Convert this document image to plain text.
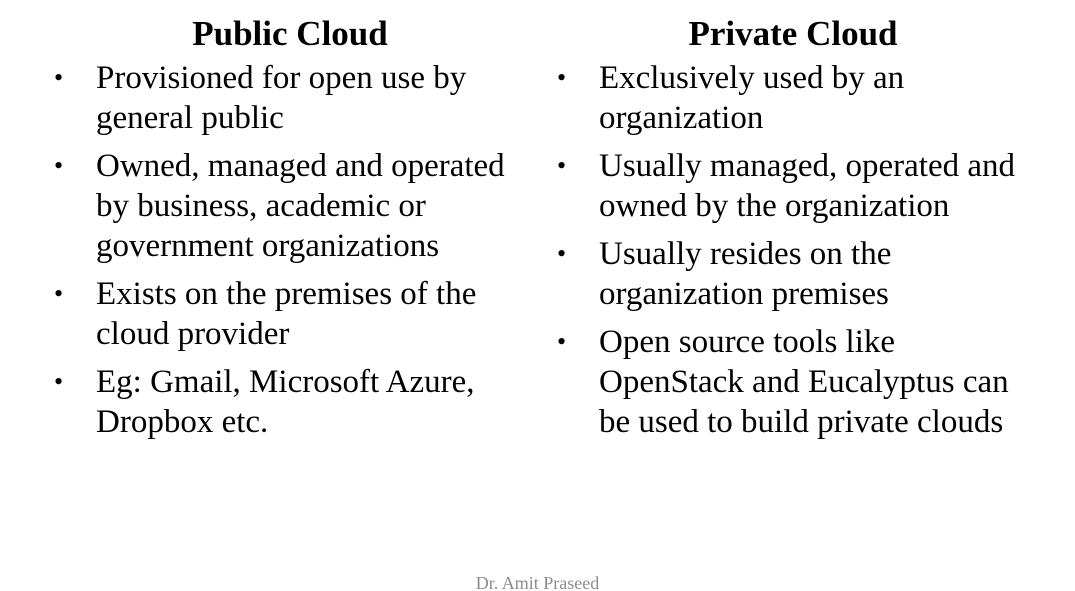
Public Cloud
• Provisioned for open use by general public
• Owned, managed and operated by business, academic or government organizations
• Exists on the premises of the cloud provider
• Eg: Gmail, Microsoft Azure, Dropbox etc.
Private Cloud
• Exclusively used by an organization
• Usually managed, operated and owned by the organization
• Usually resides on the organization premises
• Open source tools like OpenStack and Eucalyptus can be used to build private clouds
Dr. Amit Praseed
